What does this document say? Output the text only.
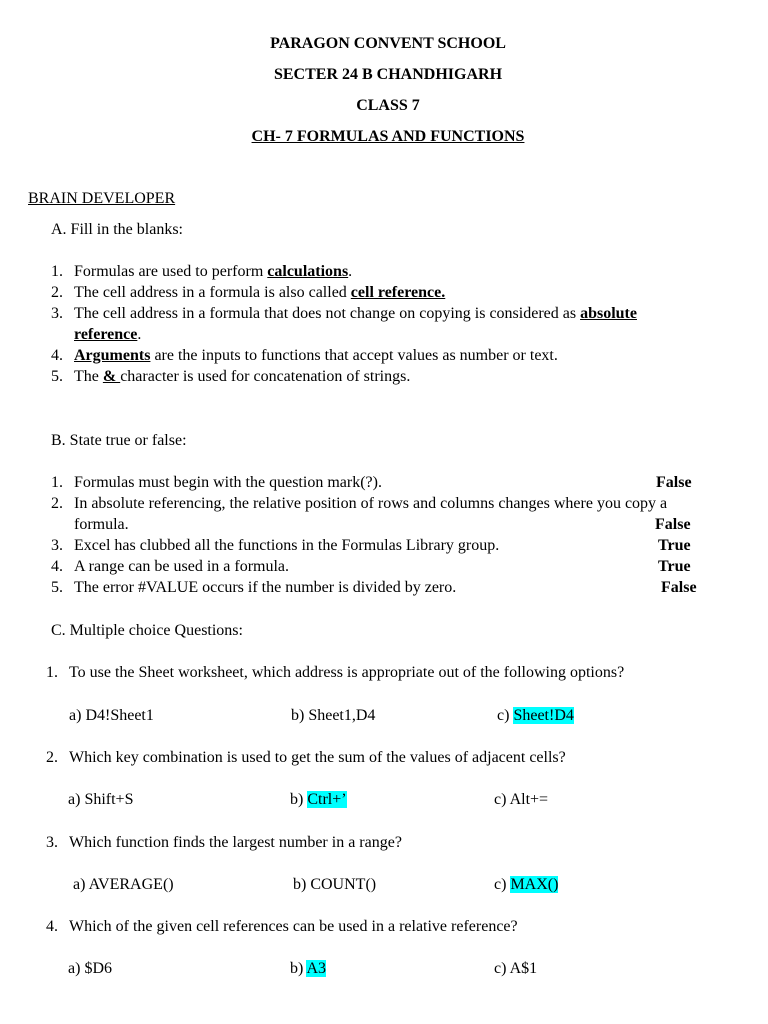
PARAGON CONVENT SCHOOL
SECTER 24 B CHANDHIGARH
CLASS 7
CH- 7 FORMULAS AND FUNCTIONS
BRAIN DEVELOPER
A. Fill in the blanks:
1. Formulas are used to perform calculations.
2. The cell address in a formula is also called cell reference.
3. The cell address in a formula that does not change on copying is considered as absolute
reference.
4. Arguments are the inputs to functions that accept values as number or text.
5. The & character is used for concatenation of strings.
B. State true or false:
1. Formulas must begin with the question mark(?).	False
2. In absolute referencing, the relative position of rows and columns changes where you copy a
formula.	False
3. Excel has clubbed all the functions in the Formulas Library group.	True
4. A range can be used in a formula.	True
5. The error #VALUE occurs if the number is divided by zero.	False
C. Multiple choice Questions:
1. To use the Sheet worksheet, which address is appropriate out of the following options?
a) D4!Sheet1	b) Sheet1,D4	c) Sheet!D4
2. Which key combination is used to get the sum of the values of adjacent cells?
a) Shift+S	b) Ctrl+’	c) Alt+=
3. Which function finds the largest number in a range?
a) AVERAGE()	b) COUNT()	c) MAX()
4. Which of the given cell references can be used in a relative reference?
a) $D6	b) A3	c) A$1
